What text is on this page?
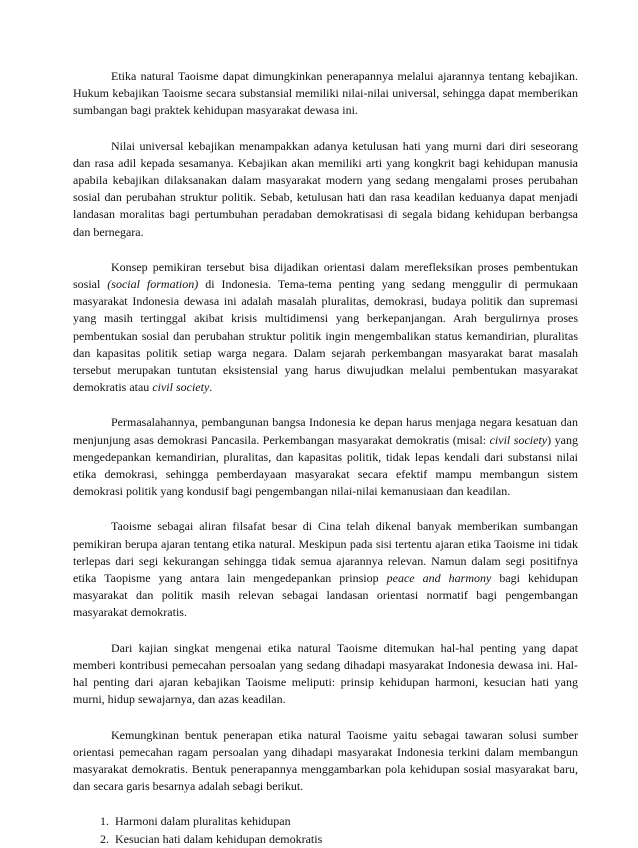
Etika natural Taoisme dapat dimungkinkan penerapannya melalui ajarannya tentang kebajikan. Hukum kebajikan Taoisme secara substansial memiliki nilai-nilai universal, sehingga dapat memberikan sumbangan bagi praktek kehidupan masyarakat dewasa ini.

Nilai universal kebajikan menampakkan adanya ketulusan hati yang murni dari diri seseorang dan rasa adil kepada sesamanya. Kebajikan akan memiliki arti yang kongkrit bagi kehidupan manusia apabila kebajikan dilaksanakan dalam masyarakat modern yang sedang mengalami proses perubahan sosial dan perubahan struktur politik. Sebab, ketulusan hati dan rasa keadilan keduanya dapat menjadi landasan moralitas bagi pertumbuhan peradaban demokratisasi di segala bidang kehidupan berbangsa dan bernegara.

Konsep pemikiran tersebut bisa dijadikan orientasi dalam merefleksikan proses pembentukan sosial (social formation) di Indonesia. Tema-tema penting yang sedang menggulir di permukaan masyarakat Indonesia dewasa ini adalah masalah pluralitas, demokrasi, budaya politik dan supremasi yang masih tertinggal akibat krisis multidimensi yang berkepanjangan. Arah bergulirnya proses pembentukan sosial dan perubahan struktur politik ingin mengembalikan status kemandirian, pluralitas dan kapasitas politik setiap warga negara. Dalam sejarah perkembangan masyarakat barat masalah tersebut merupakan tuntutan eksistensial yang harus diwujudkan melalui pembentukan masyarakat demokratis atau civil society.

Permasalahannya, pembangunan bangsa Indonesia ke depan harus menjaga negara kesatuan dan menjunjung asas demokrasi Pancasila. Perkembangan masyarakat demokratis (misal: civil society) yang mengedepankan kemandirian, pluralitas, dan kapasitas politik, tidak lepas kendali dari substansi nilai etika demokrasi, sehingga pemberdayaan masyarakat secara efektif mampu membangun sistem demokrasi politik yang kondusif bagi pengembangan nilai-nilai kemanusiaan dan keadilan.

Taoisme sebagai aliran filsafat besar di Cina telah dikenal banyak memberikan sumbangan pemikiran berupa ajaran tentang etika natural. Meskipun pada sisi tertentu ajaran etika Taoisme ini tidak terlepas dari segi kekurangan sehingga tidak semua ajarannya relevan. Namun dalam segi positifnya etika Taopisme yang antara lain mengedepankan prinsiop peace and harmony bagi kehidupan masyarakat dan politik masih relevan sebagai landasan orientasi normatif bagi pengembangan masyarakat demokratis.

Dari kajian singkat mengenai etika natural Taoisme ditemukan hal-hal penting yang dapat memberi kontribusi pemecahan persoalan yang sedang dihadapi masyarakat Indonesia dewasa ini. Hal-hal penting dari ajaran kebajikan Taoisme meliputi: prinsip kehidupan harmoni, kesucian hati yang murni, hidup sewajarnya, dan azas keadilan.

Kemungkinan bentuk penerapan etika natural Taoisme yaitu sebagai tawaran solusi sumber orientasi pemecahan ragam persoalan yang dihadapi masyarakat Indonesia terkini dalam membangun masyarakat demokratis. Bentuk penerapannya menggambarkan pola kehidupan sosial masyarakat baru, dan secara garis besarnya adalah sebagi berikut.

1. Harmoni dalam pluralitas kehidupan
2. Kesucian hati dalam kehidupan demokratis
